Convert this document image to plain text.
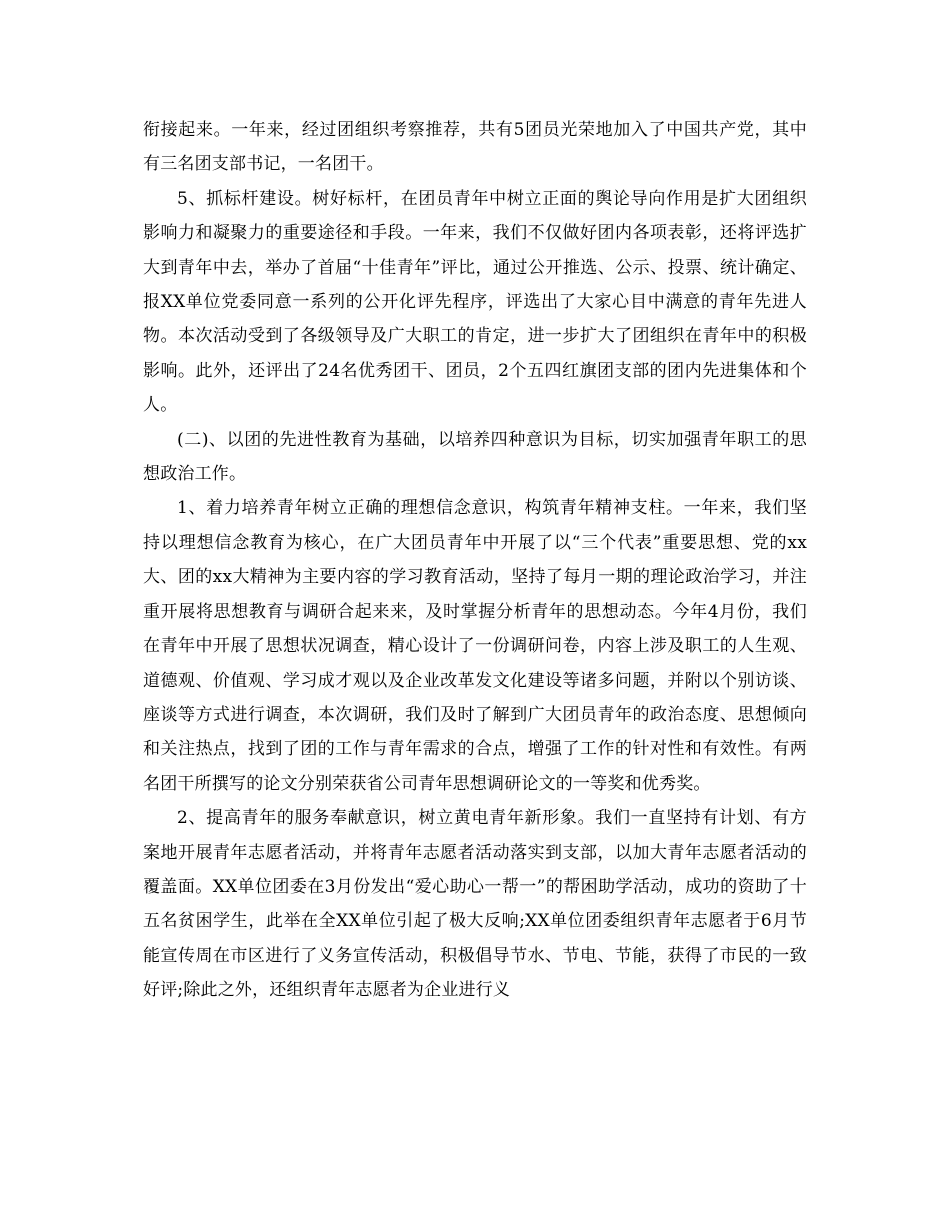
衔接起来。一年来，经过团组织考察推荐，共有5团员光荣地加入了中国共产党，其中有三名团支部书记，一名团干。

5、抓标杆建设。树好标杆，在团员青年中树立正面的舆论导向作用是扩大团组织影响力和凝聚力的重要途径和手段。一年来，我们不仅做好团内各项表彰，还将评选扩大到青年中去，举办了首届“十佳青年”评比，通过公开推选、公示、投票、统计确定、报XX单位党委同意一系列的公开化评先程序，评选出了大家心目中满意的青年先进人物。本次活动受到了各级领导及广大职工的肯定，进一步扩大了团组织在青年中的积极影响。此外，还评出了24名优秀团干、团员，2个五四红旗团支部的团内先进集体和个人。

(二)、以团的先进性教育为基础，以培养四种意识为目标，切实加强青年职工的思想政治工作。

1、着力培养青年树立正确的理想信念意识，构筑青年精神支柱。一年来，我们坚持以理想信念教育为核心，在广大团员青年中开展了以“三个代表”重要思想、党的xx大、团的xx大精神为主要内容的学习教育活动，坚持了每月一期的理论政治学习，并注重开展将思想教育与调研合起来来，及时掌握分析青年的思想动态。今年4月份，我们在青年中开展了思想状况调查，精心设计了一份调研问卷，内容上涉及职工的人生观、道德观、价值观、学习成才观以及企业改革发文化建设等诸多问题，并附以个别访谈、座谈等方式进行调查，本次调研，我们及时了解到广大团员青年的政治态度、思想倾向和关注热点，找到了团的工作与青年需求的合点，增强了工作的针对性和有效性。有两名团干所撰写的论文分别荣获省公司青年思想调研论文的一等奖和优秀奖。

2、提高青年的服务奉献意识，树立黄电青年新形象。我们一直坚持有计划、有方案地开展青年志愿者活动，并将青年志愿者活动落实到支部，以加大青年志愿者活动的覆盖面。XX单位团委在3月份发出“爱心助心一帮一”的帮困助学活动，成功的资助了十五名贫困学生，此举在全XX单位引起了极大反响;XX单位团委组织青年志愿者于6月节能宣传周在市区进行了义务宣传活动，积极倡导节水、节电、节能，获得了市民的一致好评;除此之外，还组织青年志愿者为企业进行义
